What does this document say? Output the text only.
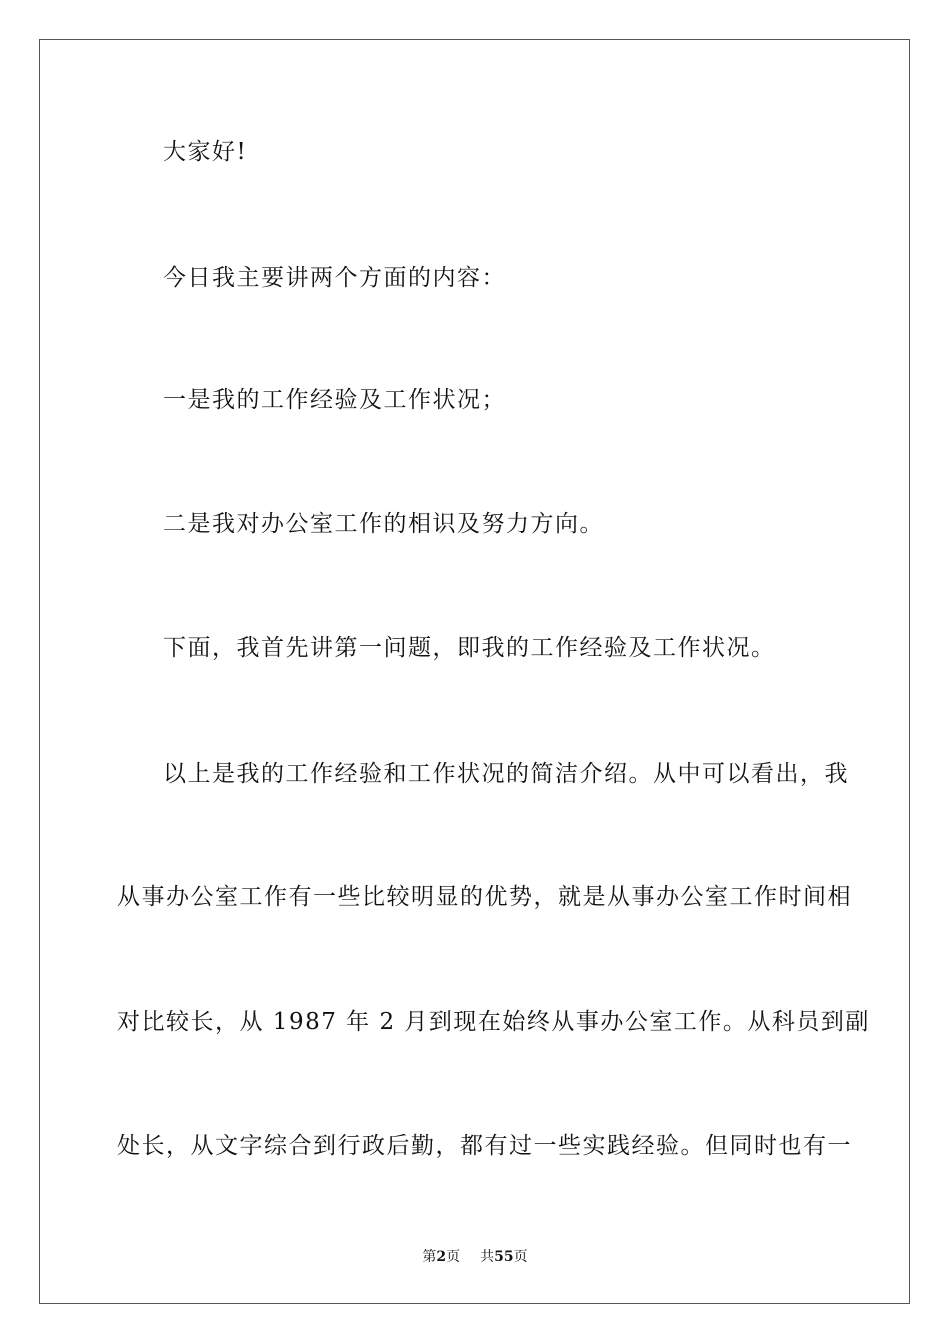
大家好!
今日我主要讲两个方面的内容：
一是我的工作经验及工作状况；
二是我对办公室工作的相识及努力方向。
下面，我首先讲第一问题，即我的工作经验及工作状况。
以上是我的工作经验和工作状况的简洁介绍。从中可以看出，我
从事办公室工作有一些比较明显的优势，就是从事办公室工作时间相
对比较长，从 1987 年 2 月到现在始终从事办公室工作。从科员到副
处长，从文字综合到行政后勤，都有过一些实践经验。但同时也有一
第2页 共55页
